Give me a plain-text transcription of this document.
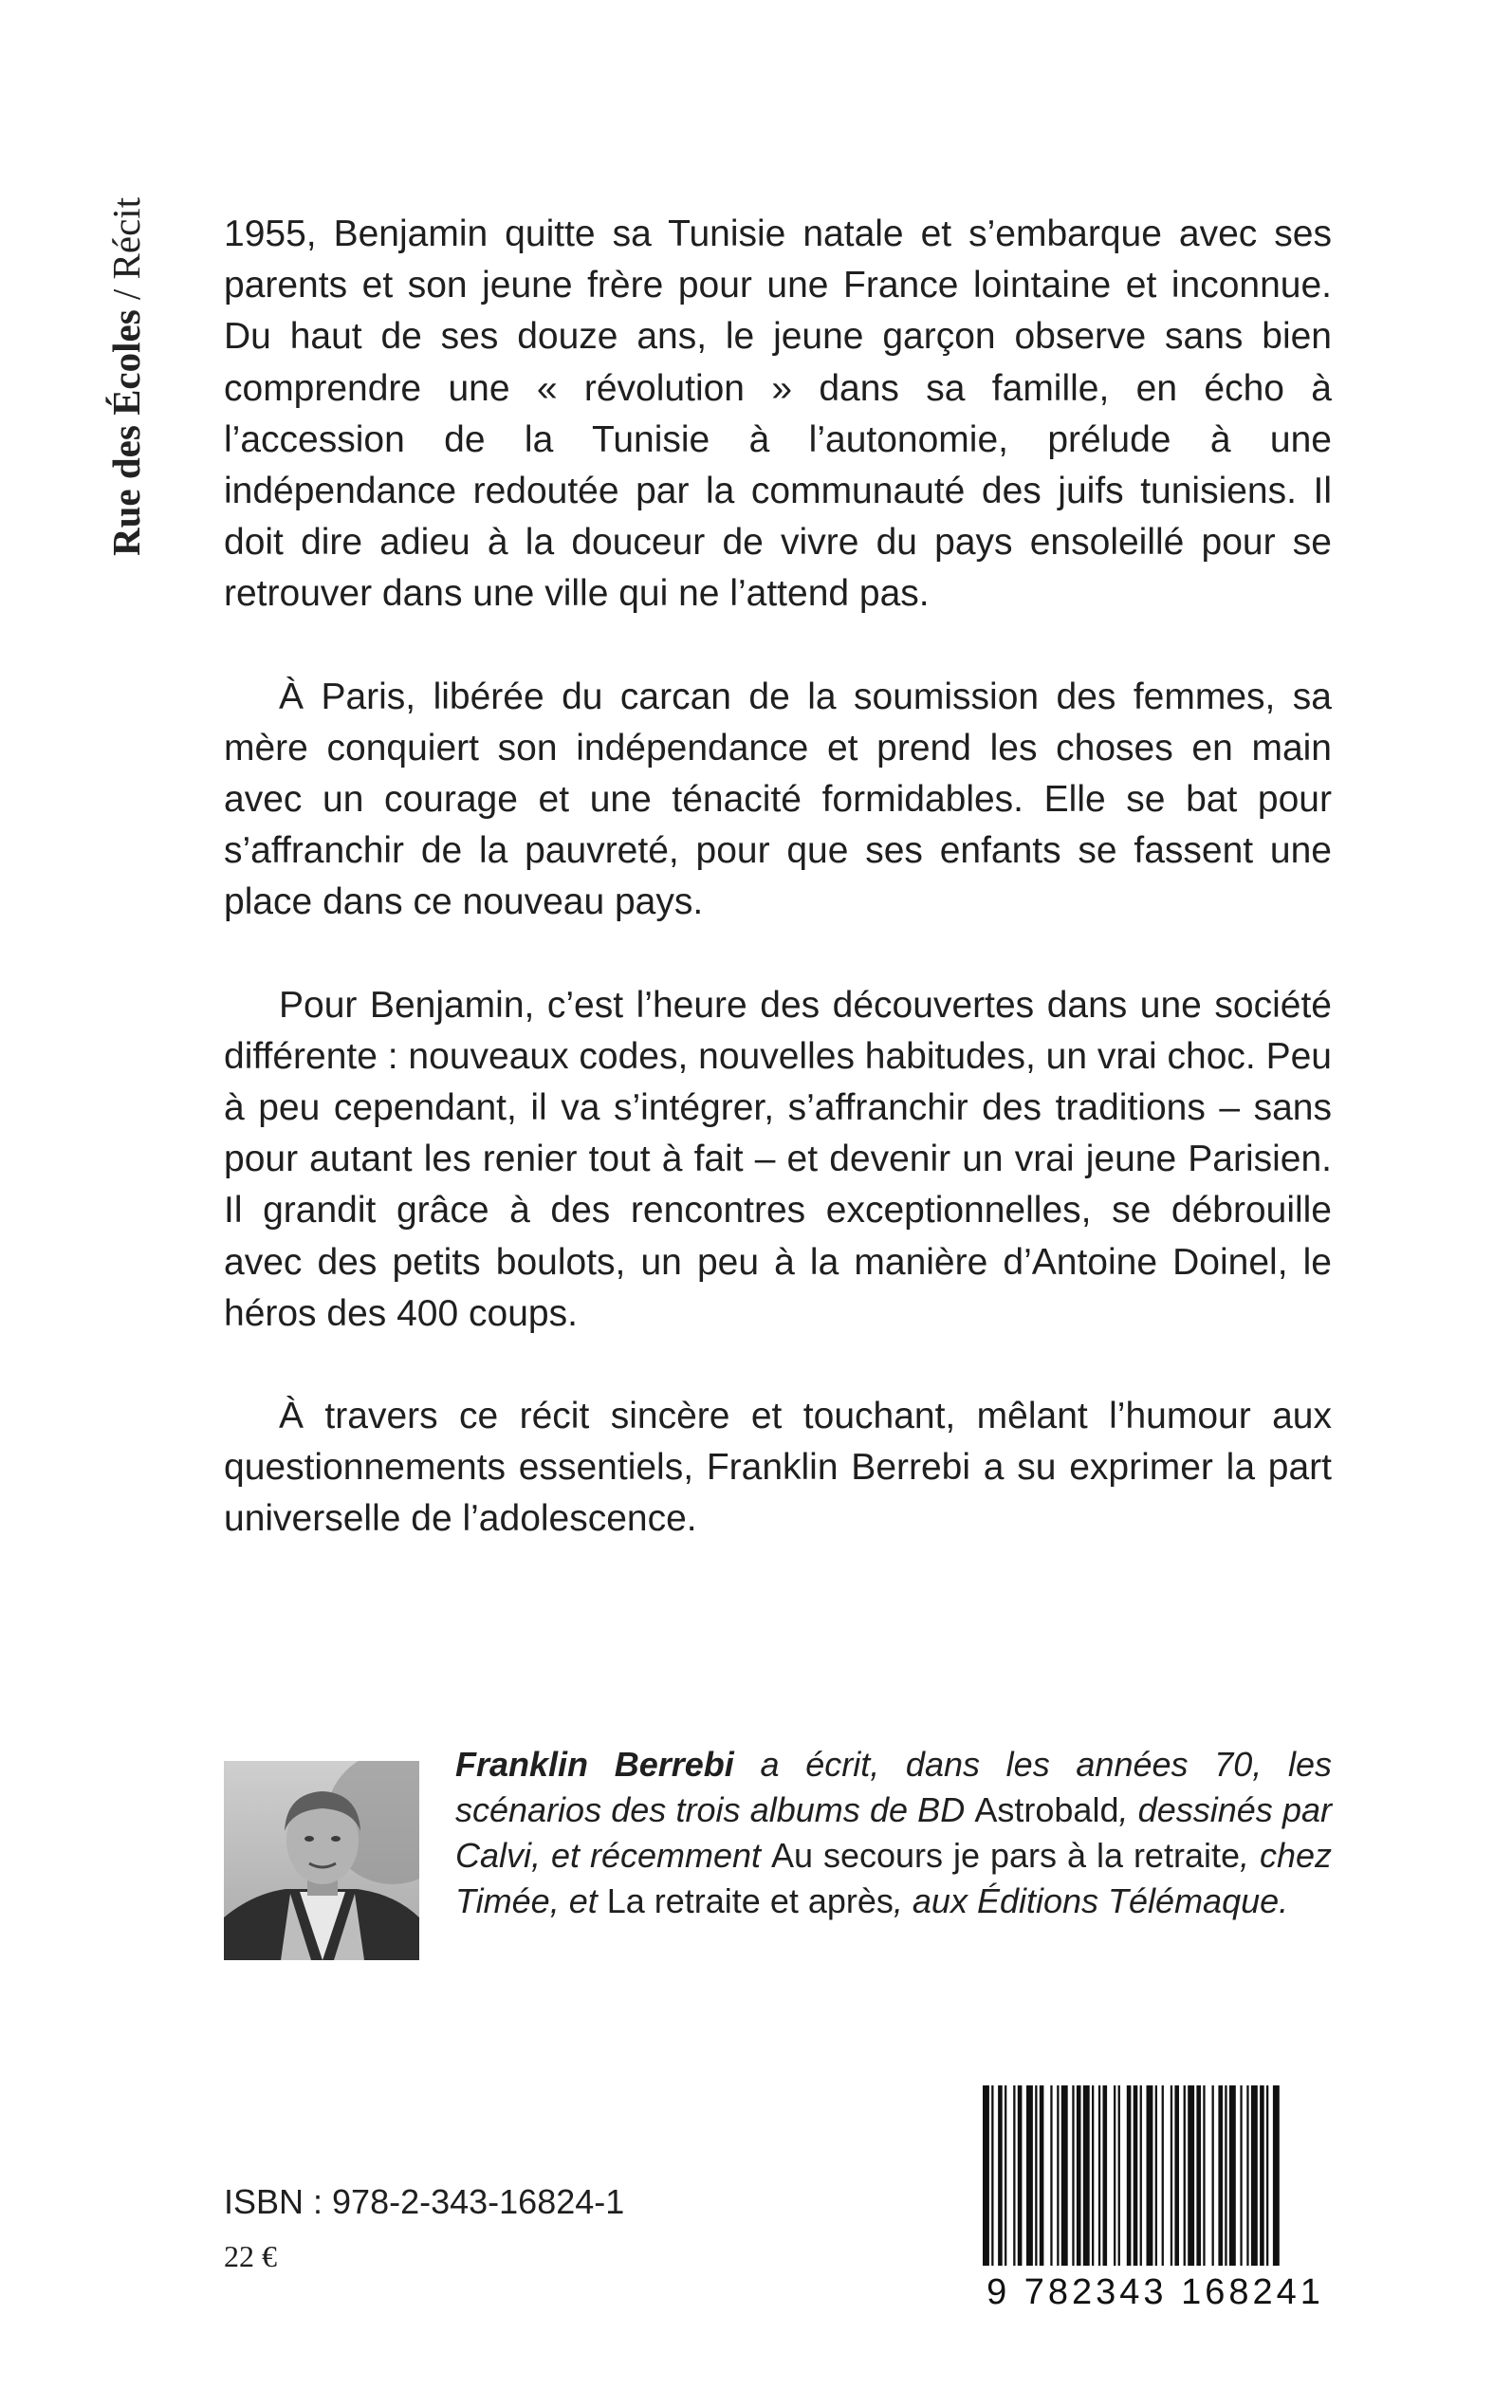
Rue des Écoles / Récit 1955, Benjamin quitte sa Tunisie natale et s’embarque avec ses parents et son jeune frère pour une France lointaine et inconnue. Du haut de ses douze ans, le jeune garçon observe sans bien comprendre une « révolution » dans sa famille, en écho à l’accession de la Tunisie à l’autonomie, prélude à une indépendance redoutée par la communauté des juifs tunisiens. Il doit dire adieu à la douceur de vivre du pays ensoleillé pour se retrouver dans une ville qui ne l’attend pas.

À Paris, libérée du carcan de la soumission des femmes, sa mère conquiert son indépendance et prend les choses en main avec un courage et une ténacité formidables. Elle se bat pour s’affranchir de la pauvreté, pour que ses enfants se fassent une place dans ce nouveau pays.

Pour Benjamin, c’est l’heure des découvertes dans une société différente : nouveaux codes, nouvelles habitudes, un vrai choc. Peu à peu cependant, il va s’intégrer, s’affranchir des traditions – sans pour autant les renier tout à fait – et devenir un vrai jeune Parisien. Il grandit grâce à des rencontres exceptionnelles, se débrouille avec des petits boulots, un peu à la manière d’Antoine Doinel, le héros des 400 coups.

À travers ce récit sincère et touchant, mêlant l’humour aux questionnements essentiels, Franklin Berrebi a su exprimer la part universelle de l’adolescence.

Franklin Berrebi a écrit, dans les années 70, les scénarios des trois albums de BD Astrobald, dessinés par Calvi, et récemment Au secours je pars à la retraite, chez Timée, et La retraite et après, aux Éditions Télémaque.
ISBN : 978-2-343-16824-1
22 €
9 782343 168241
